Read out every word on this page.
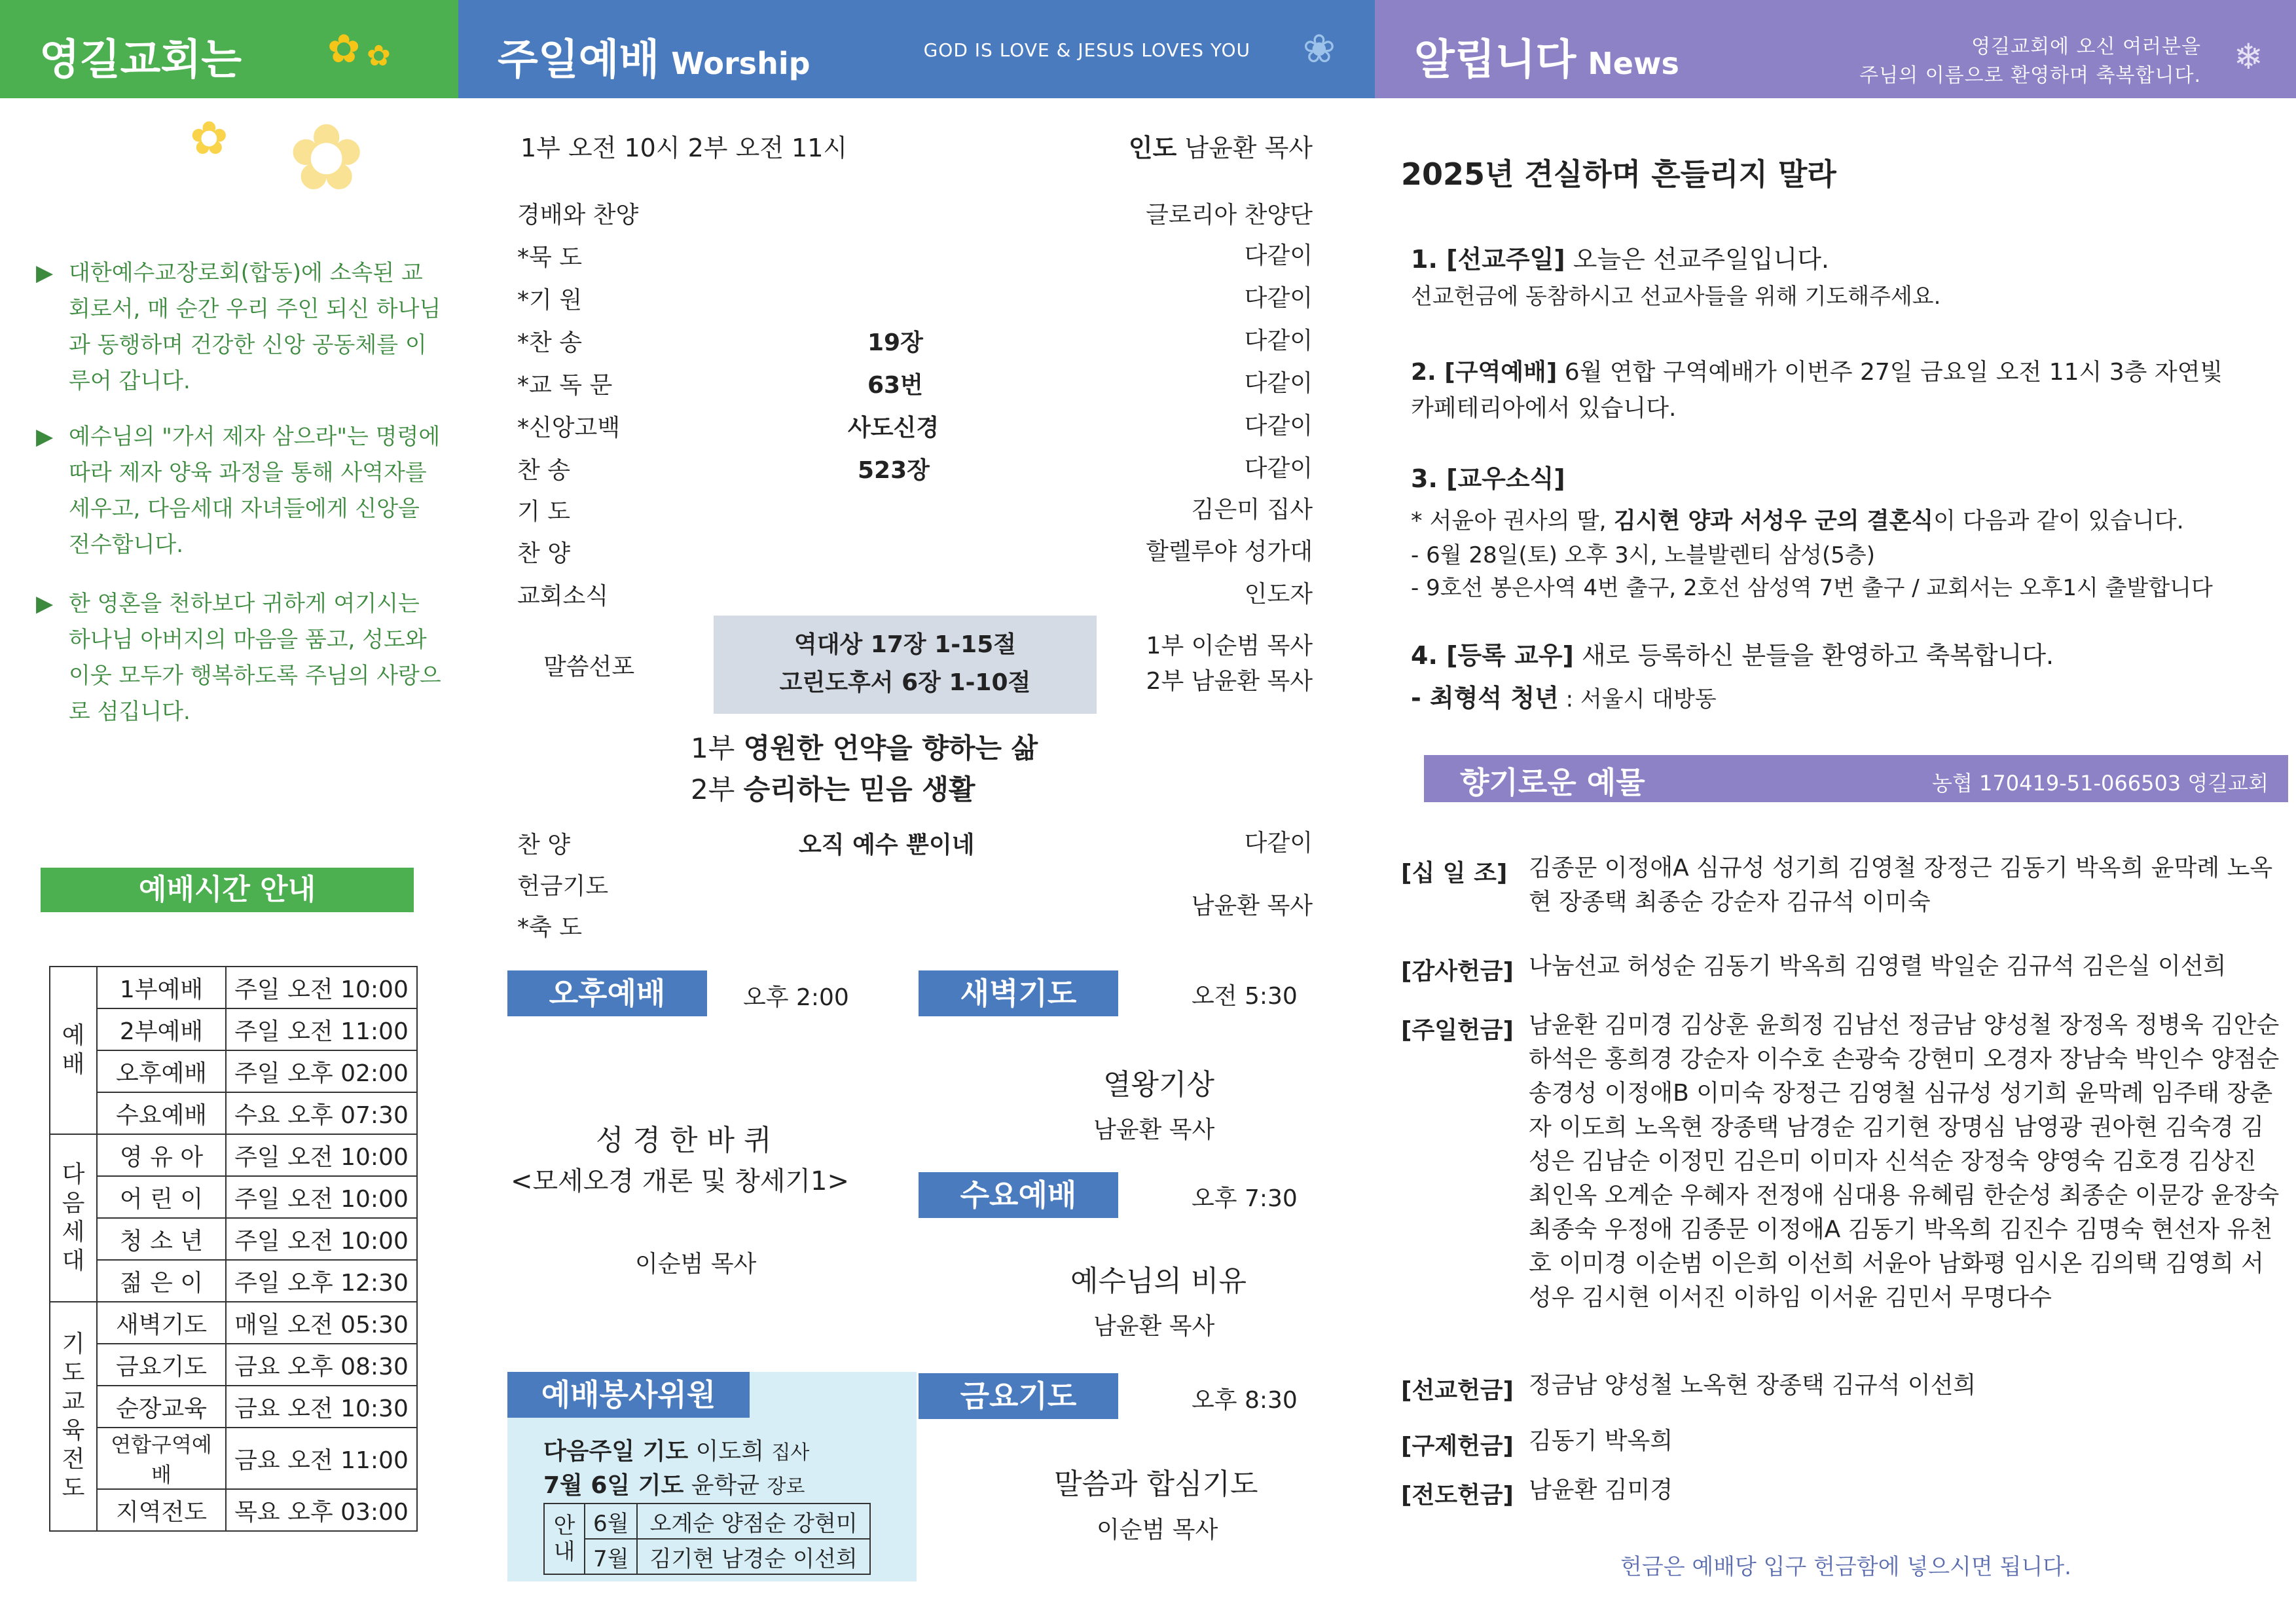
영길교회는 ✿ ✿	주일예배 Worship	GOD IS LOVE & JESUS LOVES YOU ❀ 알립니다 News	영길교회에 오신 여러분을
주님의 이름으로 환영하며 축복합니다. ❄
✿
✿
▶ 대한예수교장로회(합동)에 소속된 교회로서, 매 순간 우리 주인 되신 하나님과 동행하며 건강한 신앙 공동체를 이루어 갑니다.
▶ 예수님의 "가서 제자 삼으라"는 명령에 따라 제자 양육 과정을 통해 사역자를 세우고, 다음세대 자녀들에게 신앙을 전수합니다.
▶ 한 영혼을 천하보다 귀하게 여기시는 하나님 아버지의 마음을 품고, 성도와 이웃 모두가 행복하도록 주님의 사랑으로 섬깁니다.
예배시간 안내
예배	1부예배	주일 오전 10:00
	2부예배	주일 오전 11:00
	오후예배	주일 오후 02:00
	수요예배	수요 오후 07:30
다음세대	영 유 아	주일 오전 10:00
	어 린 이	주일 오전 10:00
	청 소 년	주일 오전 10:00
	젊 은 이	주일 오후 12:30
기도교육전도	새벽기도	매일 오전 05:30
	금요기도	금요 오후 08:30
	순장교육	금요 오전 10:30
	연합구역예배	금요 오전 11:00
	지역전도	목요 오후 03:00
1부 오전 10시 2부 오전 11시	인도 남윤환 목사
경배와 찬양	글로리아 찬양단
*묵 도	다같이
*기 원	다같이
*찬 송	19장	다같이
*교 독 문	63번	다같이
*신앙고백	사도신경	다같이
찬 송	523장	다같이
기 도	김은미 집사
찬 양	할렐루야 성가대
교회소식	인도자
말씀선포
역대상 17장 1-15절
고린도후서 6장 1-10절
1부 이순범 목사
2부 남윤환 목사
1부 영원한 언약을 향하는 삶
2부 승리하는 믿음 생활
찬 양	오직 예수 뿐이네	다같이
헌금기도
*축 도
남윤환 목사
오후예배	오후 2:00
성 경 한 바 퀴
<모세오경 개론 및 창세기1>
이순범 목사
새벽기도	오전 5:30
열왕기상
남윤환 목사
수요예배	오후 7:30
예수님의 비유
남윤환 목사
금요기도	오후 8:30
말씀과 합심기도
이순범 목사
예배봉사위원
다음주일 기도 이도희 집사
7월 6일 기도 윤학균 장로
안내	6월	오계순 양점순 강현미
	7월	김기현 남경순 이선희
2025년 견실하며 흔들리지 말라
1. [선교주일] 오늘은 선교주일입니다.
선교헌금에 동참하시고 선교사들을 위해 기도해주세요.
2. [구역예배] 6월 연합 구역예배가 이번주 27일 금요일 오전 11시 3층 자연빛
카페테리아에서 있습니다.
3. [교우소식]
* 서윤아 권사의 딸, 김시현 양과 서성우 군의 결혼식이 다음과 같이 있습니다.
- 6월 28일(토) 오후 3시, 노블발렌티 삼성(5층)
- 9호선 봉은사역 4번 출구, 2호선 삼성역 7번 출구 / 교회서는 오후1시 출발합니다
4. [등록 교우] 새로 등록하신 분들을 환영하고 축복합니다.
- 최형석 청년 : 서울시 대방동
향기로운 예물	농협 170419-51-066503 영길교회
[십 일 조] 김종문 이정애A 심규성 성기희 김영철 장정근 김동기 박옥희 윤막례 노옥현 장종택 최종순 강순자 김규석 이미숙
[감사헌금] 나눔선교 허성순 김동기 박옥희 김영렬 박일순 김규석 김은실 이선희
[주일헌금] 남윤환 김미경 김상훈 윤희정 김남선 정금남 양성철 장정옥 정병욱 김안순 하석은 홍희경 강순자 이수호 손광숙 강현미 오경자 장남숙 박인수 양점순 송경성 이정애B 이미숙 장정근 김영철 심규성 성기희 윤막례 임주태 장춘자 이도희 노옥현 장종택 남경순 김기현 장명심 남영광 권아현 김숙경 김성은 김남순 이정민 김은미 이미자 신석순 장정숙 양영숙 김호경 김상진 최인옥 오계순 우혜자 전정애 심대용 유혜림 한순성 최종순 이문강 윤장숙 최종숙 우정애 김종문 이정애A 김동기 박옥희 김진수 김명숙 현선자 유천호 이미경 이순범 이은희 이선희 서윤아 남화평 임시온 김의택 김영희 서성우 김시현 이서진 이하임 이서윤 김민서 무명다수
[선교헌금] 정금남 양성철 노옥현 장종택 김규석 이선희
[구제헌금] 김동기 박옥희
[전도헌금] 남윤환 김미경
헌금은 예배당 입구 헌금함에 넣으시면 됩니다.
